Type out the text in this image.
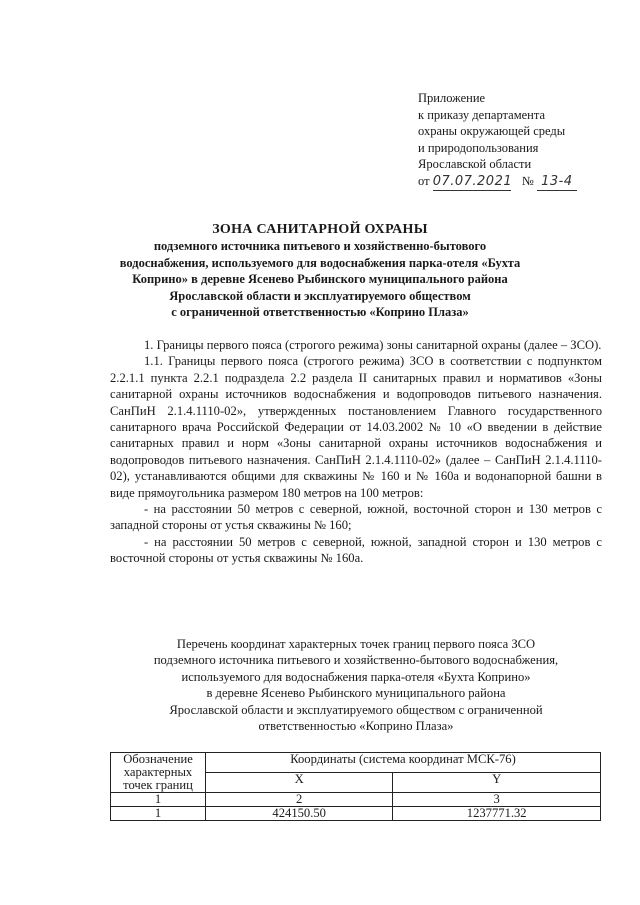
Приложение
к приказу департамента
охраны окружающей среды
и природопользования
Ярославской области
от 07.07.2021 № 13-4
ЗОНА САНИТАРНОЙ ОХРАНЫ
подземного источника питьевого и хозяйственно-бытового
водоснабжения, используемого для водоснабжения парка-отеля «Бухта
Коприно» в деревне Ясенево Рыбинского муниципального района
Ярославской области и эксплуатируемого обществом
с ограниченной ответственностью «Коприно Плаза»

1. Границы первого пояса (строгого режима) зоны санитарной охраны (далее – ЗСО).

1.1. Границы первого пояса (строгого режима) ЗСО в соответствии с подпунктом 2.2.1.1 пункта 2.2.1 подраздела 2.2 раздела II санитарных правил и нормативов «Зоны санитарной охраны источников водоснабжения и водопроводов питьевого назначения. СанПиН 2.1.4.1110-02», утвержденных постановлением Главного государственного санитарного врача Российской Федерации от 14.03.2002 № 10 «О введении в действие санитарных правил и норм «Зоны санитарной охраны источников водоснабжения и водопроводов питьевого назначения. СанПиН 2.1.4.1110-02» (далее – СанПиН 2.1.4.1110-02), устанавливаются общими для скважины № 160 и № 160а и водонапорной башни в виде прямоугольника размером 180 метров на 100 метров:

- на расстоянии 50 метров с северной, южной, восточной сторон и 130 метров с западной стороны от устья скважины № 160;

- на расстоянии 50 метров с северной, южной, западной сторон и 130 метров с восточной стороны от устья скважины № 160а.

Перечень координат характерных точек границ первого пояса ЗСО
подземного источника питьевого и хозяйственно-бытового водоснабжения,
используемого для водоснабжения парка-отеля «Бухта Коприно»
в деревне Ясенево Рыбинского муниципального района
Ярославской области и эксплуатируемого обществом с ограниченной
ответственностью «Коприно Плаза»
Обозначение характерных точек границ	Координаты (система координат МСК-76)	
	X	Y
1	2	3
1	424150.50	1237771.32
